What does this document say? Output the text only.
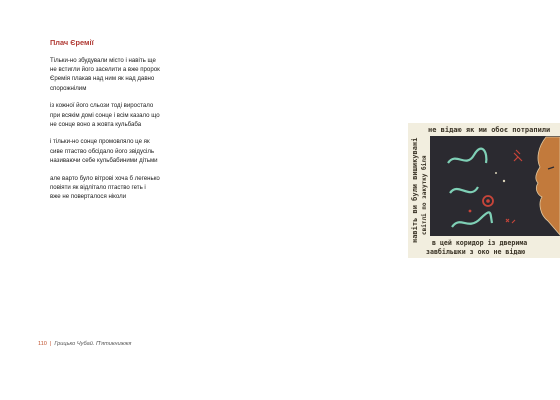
Плач Єремії
Тільки-но збудували місто і навіть ще
не встигли його заселити а вже пророк
Єремія плакав над ним як над давно
спорожнілим
із кожної його сльози тоді виростало
при всякім домі сонце і всім казало що
не сонце воно а жовта кульбаба
і тільки-но сонце промовляло це як
сиве птаство обсідало його звідусіль
називаючи себе кульбабиними дітьми
але варто було вітрові хоча б легенько
повіяти як відлітало птаство геть і
вже не поверталося ніколи
не відаю як ми обоє потрапили
навіть ви були вишикувані світлі по закутку біля
в цей коридор із дверима
завбільшки з око не відаю
110 | Грицько Чубай. П'ятикнижжя
